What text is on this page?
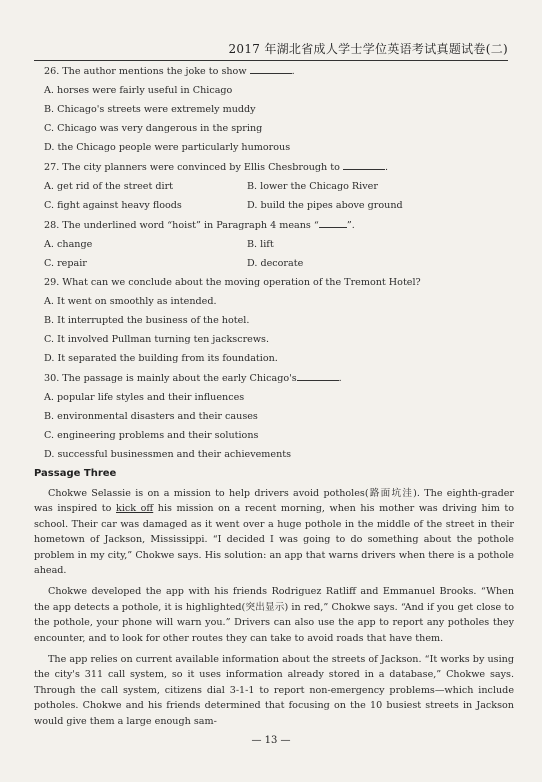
2017 年湖北省成人学士学位英语考试真题试卷(二)
26. The author mentions the joke to show	.
A. horses were fairly useful in Chicago
B. Chicago's streets were extremely muddy
C. Chicago was very dangerous in the spring
D. the Chicago people were particularly humorous
27. The city planners were convinced by Ellis Chesbrough to	.
A. get rid of the street dirt	B. lower the Chicago River
C. fight against heavy floods	D. build the pipes above ground
28. The underlined word “hoist” in Paragraph 4 means “	”.
A. change	B. lift
C. repair	D. decorate
29. What can we conclude about the moving operation of the Tremont Hotel?
A. It went on smoothly as intended.
B. It interrupted the business of the hotel.
C. It involved Pullman turning ten jackscrews.
D. It separated the building from its foundation.
30. The passage is mainly about the early Chicago's	.
A. popular life styles and their influences
B. environmental disasters and their causes
C. engineering problems and their solutions
D. successful businessmen and their achievements
Passage Three

Chokwe Selassie is on a mission to help drivers avoid potholes(路面坑洼). The eighth-grader was inspired to kick off his mission on a recent morning, when his mother was driving him to school. Their car was damaged as it went over a huge pothole in the middle of the street in their hometown of Jackson, Mississippi. “I decided I was going to do something about the pothole problem in my city,” Chokwe says. His solution: an app that warns drivers when there is a pothole ahead.

Chokwe developed the app with his friends Rodriguez Ratliff and Emmanuel Brooks. “When the app detects a pothole, it is highlighted(突出显示) in red,” Chokwe says. “And if you get close to the pothole, your phone will warn you.” Drivers can also use the app to report any potholes they encounter, and to look for other routes they can take to avoid roads that have them.

The app relies on current available information about the streets of Jackson. “It works by using the city's 311 call system, so it uses information already stored in a database,” Chokwe says. Through the call system, citizens dial 3-1-1 to report non-emergency problems—which include potholes. Chokwe and his friends determined that focusing on the 10 busiest streets in Jackson would give them a large enough sam-

— 13 —
